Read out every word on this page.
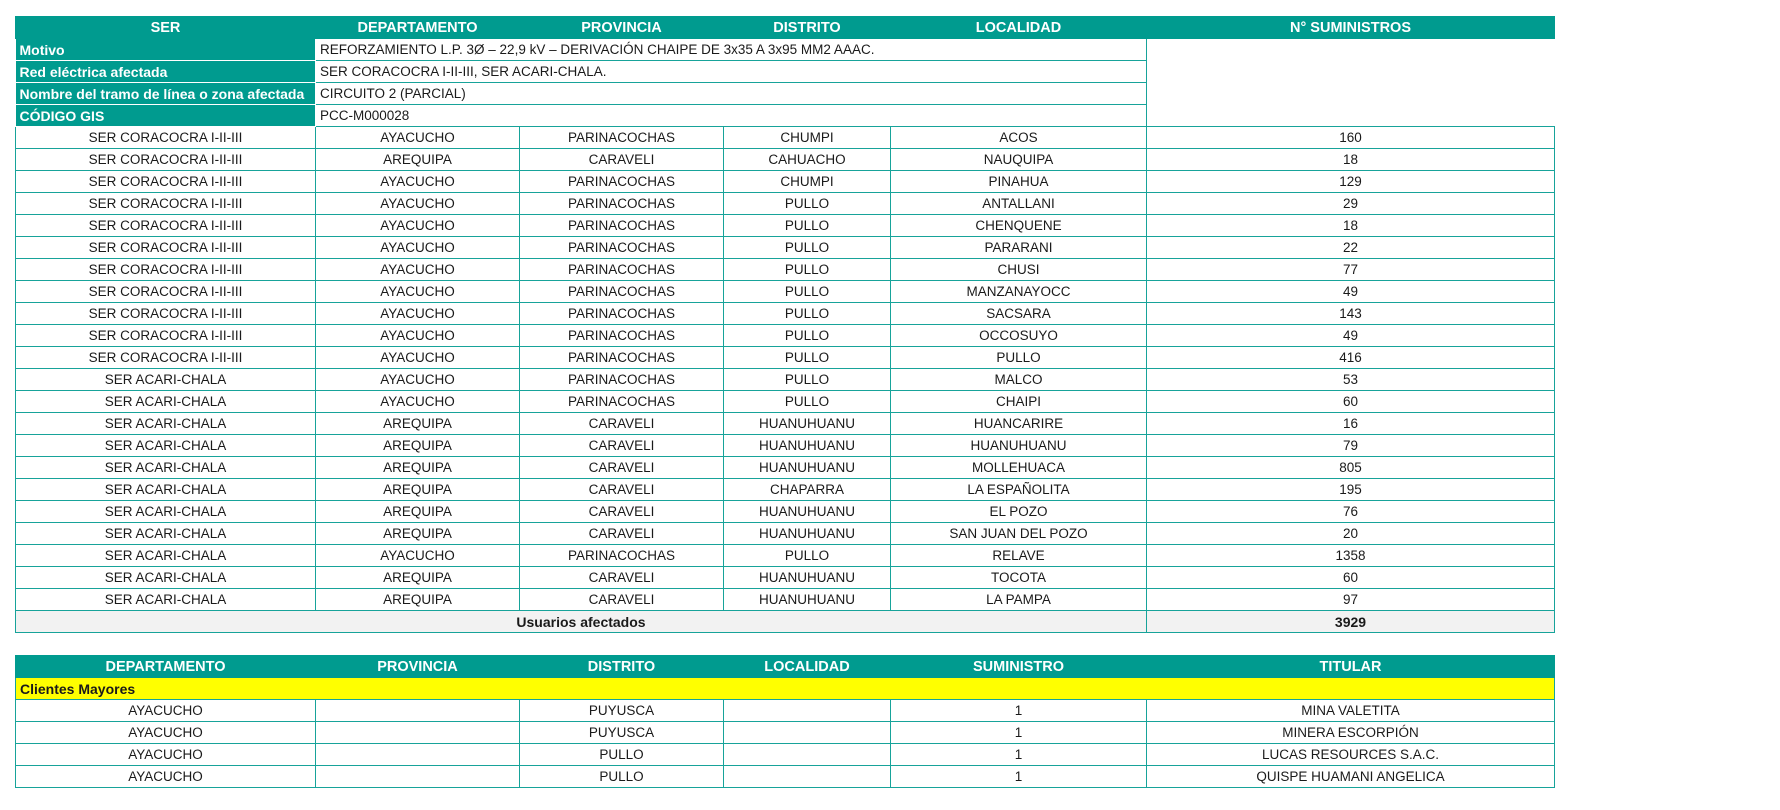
Motivo	REFORZAMIENTO L.P. 3Ø – 22,9 kV – DERIVACIÓN CHAIPE DE 3x35 A 3x95 MM2 AAAC.				
Red eléctrica afectada	SER CORACOCRA I-II-III, SER ACARI-CHALA.				
Nombre del tramo de línea o zona afectada	CIRCUITO 2 (PARCIAL)				
CÓDIGO GIS	PCC-M000028				
SER	DEPARTAMENTO	PROVINCIA	DISTRITO	LOCALIDAD	N° SUMINISTROS
SER CORACOCRA I-II-III	AYACUCHO	PARINACOCHAS	CHUMPI	ACOS	160
SER CORACOCRA I-II-III	AREQUIPA	CARAVELI	CAHUACHO	NAUQUIPA	18
SER CORACOCRA I-II-III	AYACUCHO	PARINACOCHAS	CHUMPI	PINAHUA	129
SER CORACOCRA I-II-III	AYACUCHO	PARINACOCHAS	PULLO	ANTALLANI	29
SER CORACOCRA I-II-III	AYACUCHO	PARINACOCHAS	PULLO	CHENQUENE	18
SER CORACOCRA I-II-III	AYACUCHO	PARINACOCHAS	PULLO	PARARANI	22
SER CORACOCRA I-II-III	AYACUCHO	PARINACOCHAS	PULLO	CHUSI	77
SER CORACOCRA I-II-III	AYACUCHO	PARINACOCHAS	PULLO	MANZANAYOCC	49
SER CORACOCRA I-II-III	AYACUCHO	PARINACOCHAS	PULLO	SACSARA	143
SER CORACOCRA I-II-III	AYACUCHO	PARINACOCHAS	PULLO	OCCOSUYO	49
SER CORACOCRA I-II-III	AYACUCHO	PARINACOCHAS	PULLO	PULLO	416
SER ACARI-CHALA	AYACUCHO	PARINACOCHAS	PULLO	MALCO	53
SER ACARI-CHALA	AYACUCHO	PARINACOCHAS	PULLO	CHAIPI	60
SER ACARI-CHALA	AREQUIPA	CARAVELI	HUANUHUANU	HUANCARIRE	16
SER ACARI-CHALA	AREQUIPA	CARAVELI	HUANUHUANU	HUANUHUANU	79
SER ACARI-CHALA	AREQUIPA	CARAVELI	HUANUHUANU	MOLLEHUACA	805
SER ACARI-CHALA	AREQUIPA	CARAVELI	CHAPARRA	LA ESPAÑOLITA	195
SER ACARI-CHALA	AREQUIPA	CARAVELI	HUANUHUANU	EL POZO	76
SER ACARI-CHALA	AREQUIPA	CARAVELI	HUANUHUANU	SAN JUAN DEL POZO	20
SER ACARI-CHALA	AYACUCHO	PARINACOCHAS	PULLO	RELAVE	1358
SER ACARI-CHALA	AREQUIPA	CARAVELI	HUANUHUANU	TOCOTA	60
SER ACARI-CHALA	AREQUIPA	CARAVELI	HUANUHUANU	LA PAMPA	97
Usuarios afectados					3929
Clientes Mayores					
DEPARTAMENTO	PROVINCIA	DISTRITO	LOCALIDAD	SUMINISTRO	TITULAR
AYACUCHO		PUYUSCA		1	MINA VALETITA
AYACUCHO		PUYUSCA		1	MINERA ESCORPIÓN
AYACUCHO		PULLO		1	LUCAS RESOURCES S.A.C.
AYACUCHO		PULLO		1	QUISPE HUAMANI ANGELICA
